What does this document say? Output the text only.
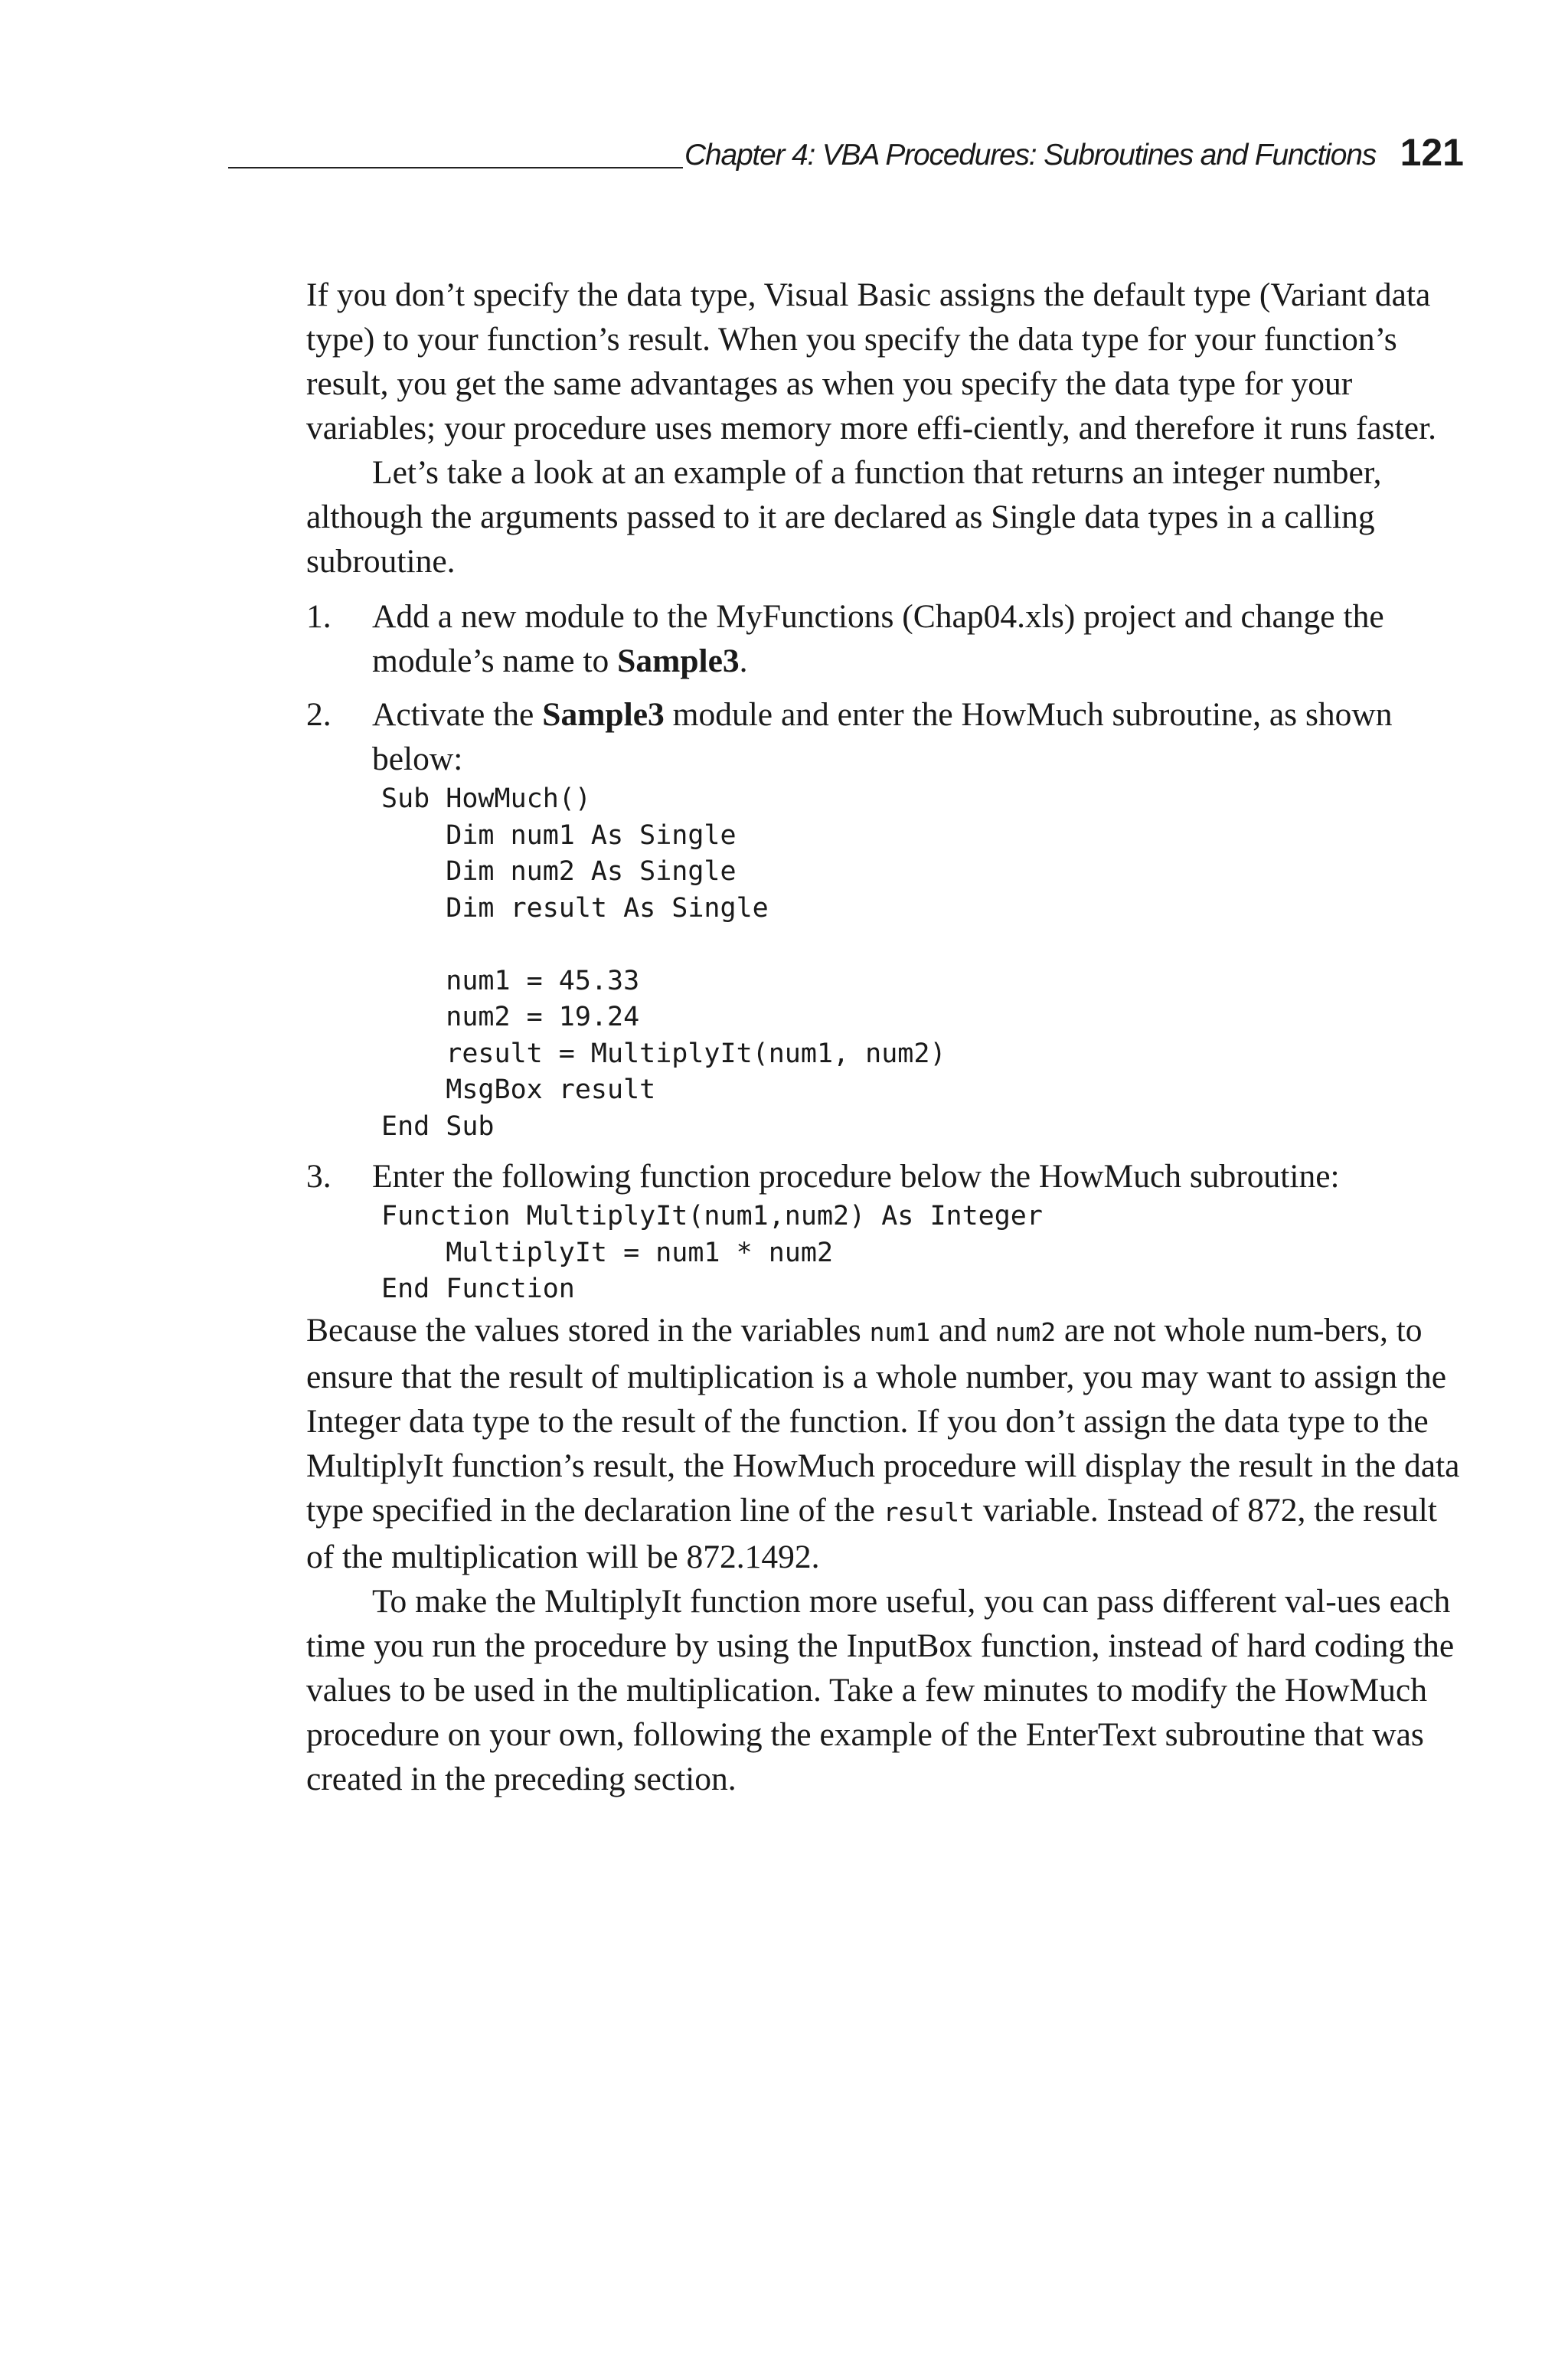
Chapter 4: VBA Procedures: Subroutines and Functions 121

If you don’t specify the data type, Visual Basic assigns the default type (Variant data type) to your function’s result. When you specify the data type for your function’s result, you get the same advantages as when you specify the data type for your variables; your procedure uses memory more effi-ciently, and therefore it runs faster.

Let’s take a look at an example of a function that returns an integer number, although the arguments passed to it are declared as Single data types in a calling subroutine.

1. Add a new module to the MyFunctions (Chap04.xls) project and change the module’s name to Sample3.
2. Activate the Sample3 module and enter the HowMuch subroutine, as shown below:
Sub HowMuch()
Dim num1 As Single
Dim num2 As Single
Dim result As Single

num1 = 45.33
num2 = 19.24
result = MultiplyIt(num1, num2)
MsgBox result
End Sub
3. Enter the following function procedure below the HowMuch subroutine:
Function MultiplyIt(num1,num2) As Integer
MultiplyIt = num1 * num2
End Function

Because the values stored in the variables num1 and num2 are not whole num-bers, to ensure that the result of multiplication is a whole number, you may want to assign the Integer data type to the result of the function. If you don’t assign the data type to the MultiplyIt function’s result, the HowMuch procedure will display the result in the data type specified in the declaration line of the result variable. Instead of 872, the result of the multiplication will be 872.1492.

To make the MultiplyIt function more useful, you can pass different val-ues each time you run the procedure by using the InputBox function, instead of hard coding the values to be used in the multiplication. Take a few minutes to modify the HowMuch procedure on your own, following the example of the EnterText subroutine that was created in the preceding section.
